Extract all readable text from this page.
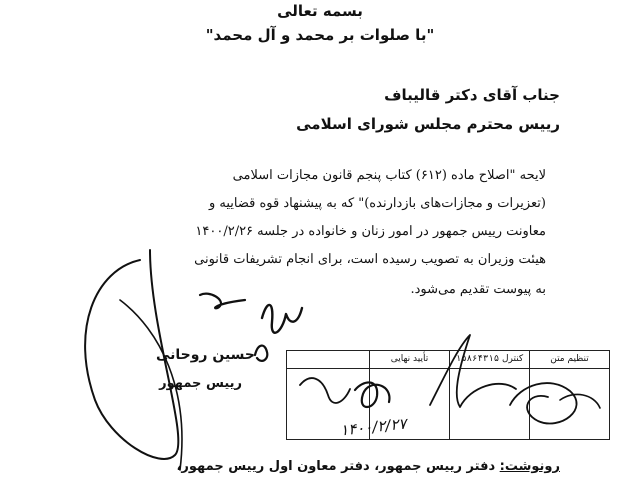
بسمه تعالی
"با صلوات بر محمد و آل محمد"
جناب آقای دکتر قالیباف
رییس محترم مجلس شورای اسلامی
لایحه "اصلاح ماده (۶۱۲) کتاب پنجم قانون مجازات اسلامی
(تعزیرات و مجازات‌های بازدارنده)" که به پیشنهاد قوه قضاییه و
معاونت رییس جمهور در امور زنان و خانواده در جلسه ۱۴۰۰/۲/۲۶
هیئت وزیران به تصویب رسیده است، برای انجام تشریفات قانونی
به پیوست تقدیم می‌شود.
حسین روحانی
رییس جمهور
تنظیم متن
کنترل ۱۵۸۶۴۳۱۵
تأیید نهایی
۱۴۰۰/۲/۲۷
رونوشت: دفتر رییس جمهور، دفتر معاون اول رییس جمهور،
